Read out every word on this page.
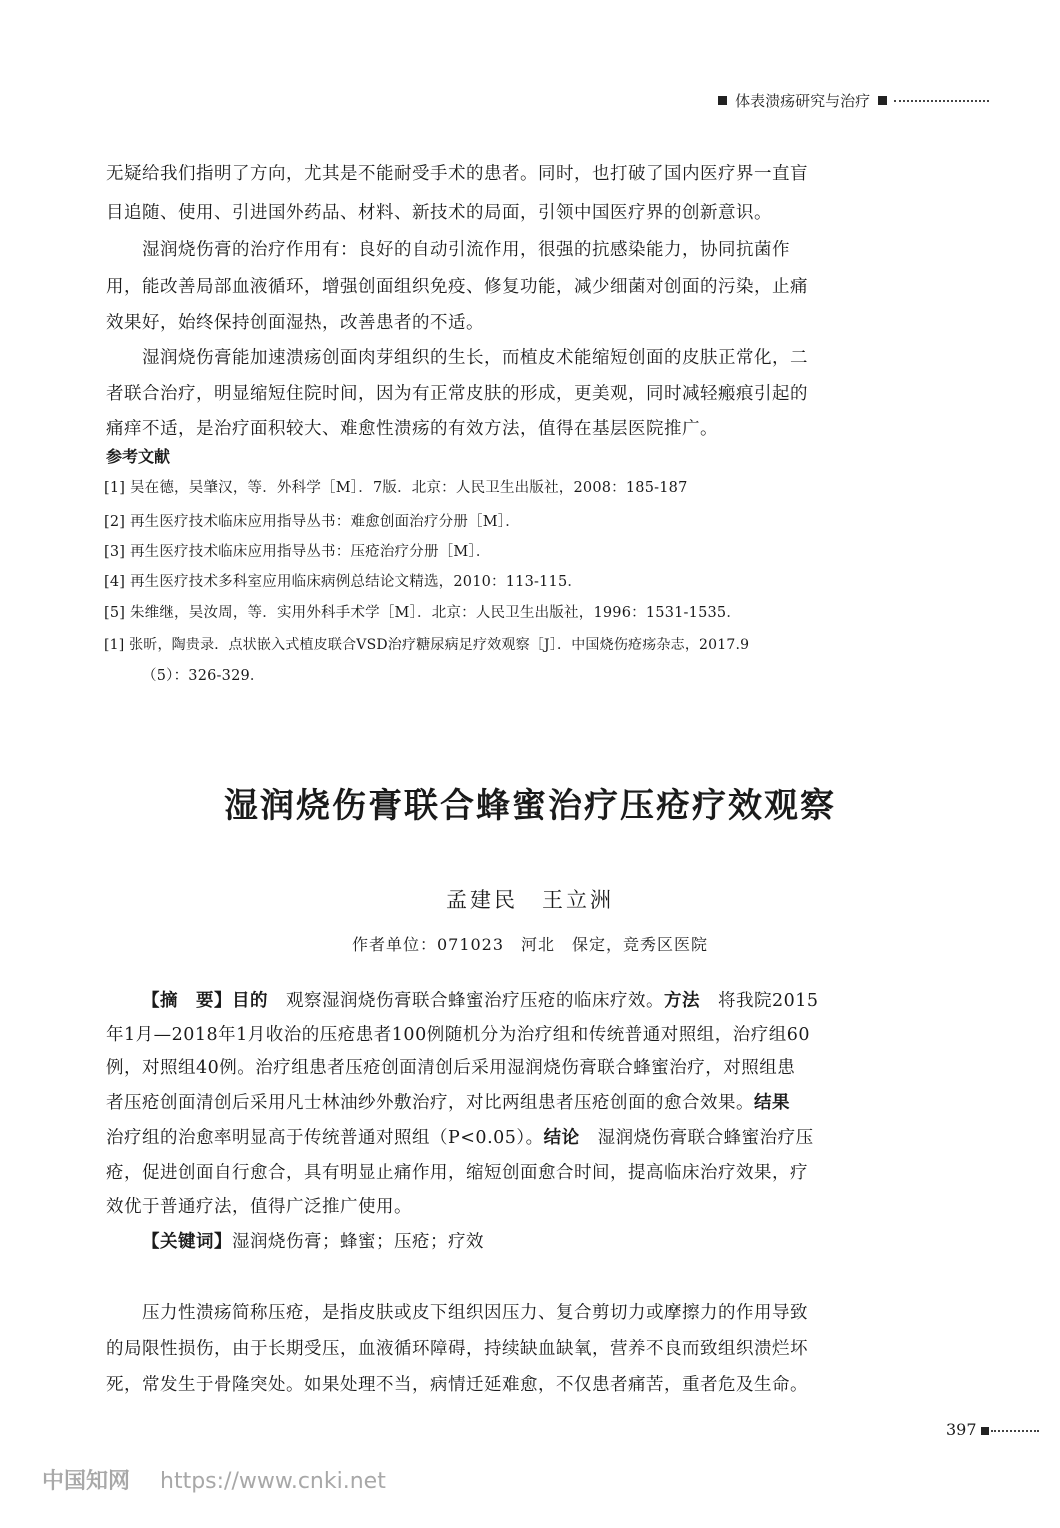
体表溃疡研究与治疗
无疑给我们指明了方向，尤其是不能耐受手术的患者。同时，也打破了国内医疗界一直盲
目追随、使用、引进国外药品、材料、新技术的局面，引领中国医疗界的创新意识。
湿润烧伤膏的治疗作用有：良好的自动引流作用，很强的抗感染能力，协同抗菌作
用，能改善局部血液循环，增强创面组织免疫、修复功能，减少细菌对创面的污染，止痛
效果好，始终保持创面湿热，改善患者的不适。
湿润烧伤膏能加速溃疡创面肉芽组织的生长，而植皮术能缩短创面的皮肤正常化，二
者联合治疗，明显缩短住院时间，因为有正常皮肤的形成，更美观，同时减轻瘢痕引起的
痛痒不适，是治疗面积较大、难愈性溃疡的有效方法，值得在基层医院推广。
参考文献
[1] 吴在德，吴肇汉，等．外科学［M］．7版．北京：人民卫生出版社，2008：185-187
[2] 再生医疗技术临床应用指导丛书：难愈创面治疗分册［M］．
[3] 再生医疗技术临床应用指导丛书：压疮治疗分册［M］．
[4] 再生医疗技术多科室应用临床病例总结论文精选，2010：113-115．
[5] 朱维继，吴汝周，等．实用外科手术学［M］．北京：人民卫生出版社，1996：1531-1535．
[1] 张昕，陶贵录．点状嵌入式植皮联合VSD治疗糖尿病足疗效观察［J］．中国烧伤疮疡杂志，2017.9
（5）：326-329．
湿润烧伤膏联合蜂蜜治疗压疮疗效观察
孟建民　王立洲
作者单位：071023　河北　保定，竞秀区医院
【摘　要】目的　观察湿润烧伤膏联合蜂蜜治疗压疮的临床疗效。方法　将我院2015
年1月—2018年1月收治的压疮患者100例随机分为治疗组和传统普通对照组，治疗组60
例，对照组40例。治疗组患者压疮创面清创后采用湿润烧伤膏联合蜂蜜治疗，对照组患
者压疮创面清创后采用凡士林油纱外敷治疗，对比两组患者压疮创面的愈合效果。结果
治疗组的治愈率明显高于传统普通对照组（P<0.05）。结论　湿润烧伤膏联合蜂蜜治疗压
疮，促进创面自行愈合，具有明显止痛作用，缩短创面愈合时间，提高临床治疗效果，疗
效优于普通疗法，值得广泛推广使用。
【关键词】湿润烧伤膏；蜂蜜；压疮；疗效
压力性溃疡简称压疮，是指皮肤或皮下组织因压力、复合剪切力或摩擦力的作用导致
的局限性损伤，由于长期受压，血液循环障碍，持续缺血缺氧，营养不良而致组织溃烂坏
死，常发生于骨隆突处。如果处理不当，病情迁延难愈，不仅患者痛苦，重者危及生命。
397
中国知网 https://www.cnki.net
